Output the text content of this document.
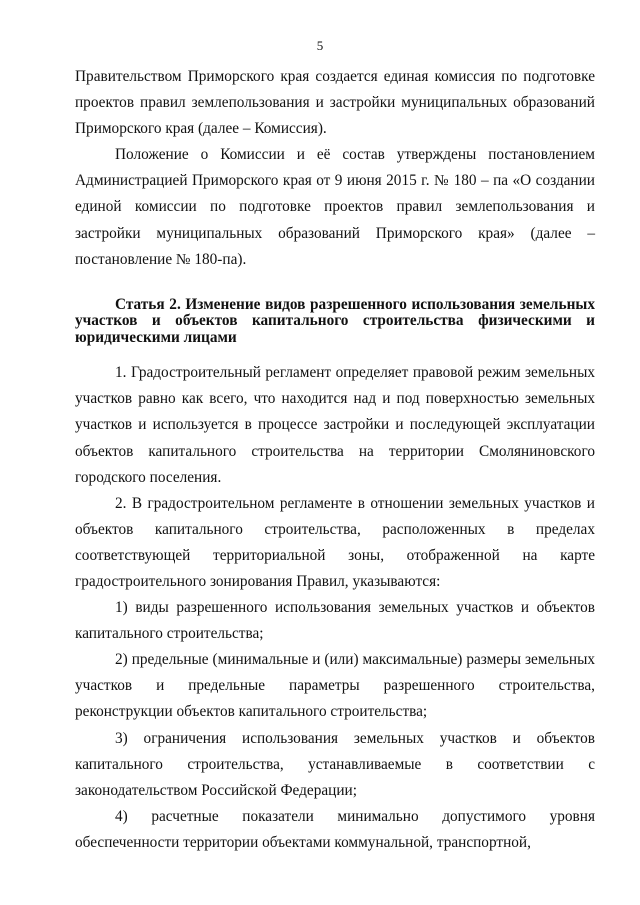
5

Правительством Приморского края создается единая комиссия по подготовке проектов правил землепользования и застройки муниципальных образований Приморского края (далее – Комиссия).

Положение о Комиссии и её состав утверждены постановлением Администрацией Приморского края от 9 июня 2015 г. № 180 – па «О создании единой комиссии по подготовке проектов правил землепользования и застройки муниципальных образований Приморского края» (далее – постановление № 180-па).

Статья 2. Изменение видов разрешенного использования земельных участков и объектов капитального строительства физическими и юридическими лицами

1. Градостроительный регламент определяет правовой режим земельных участков равно как всего, что находится над и под поверхностью земельных участков и используется в процессе застройки и последующей эксплуатации объектов капитального строительства на территории Смоляниновского городского поселения.

2. В градостроительном регламенте в отношении земельных участков и объектов капитального строительства, расположенных в пределах соответствующей территориальной зоны, отображенной на карте градостроительного зонирования Правил, указываются:

1) виды разрешенного использования земельных участков и объектов капитального строительства;

2) предельные (минимальные и (или) максимальные) размеры земельных участков и предельные параметры разрешенного строительства, реконструкции объектов капитального строительства;

3) ограничения использования земельных участков и объектов капитального строительства, устанавливаемые в соответствии с законодательством Российской Федерации;

4) расчетные показатели минимально допустимого уровня обеспеченности территории объектами коммунальной, транспортной,
